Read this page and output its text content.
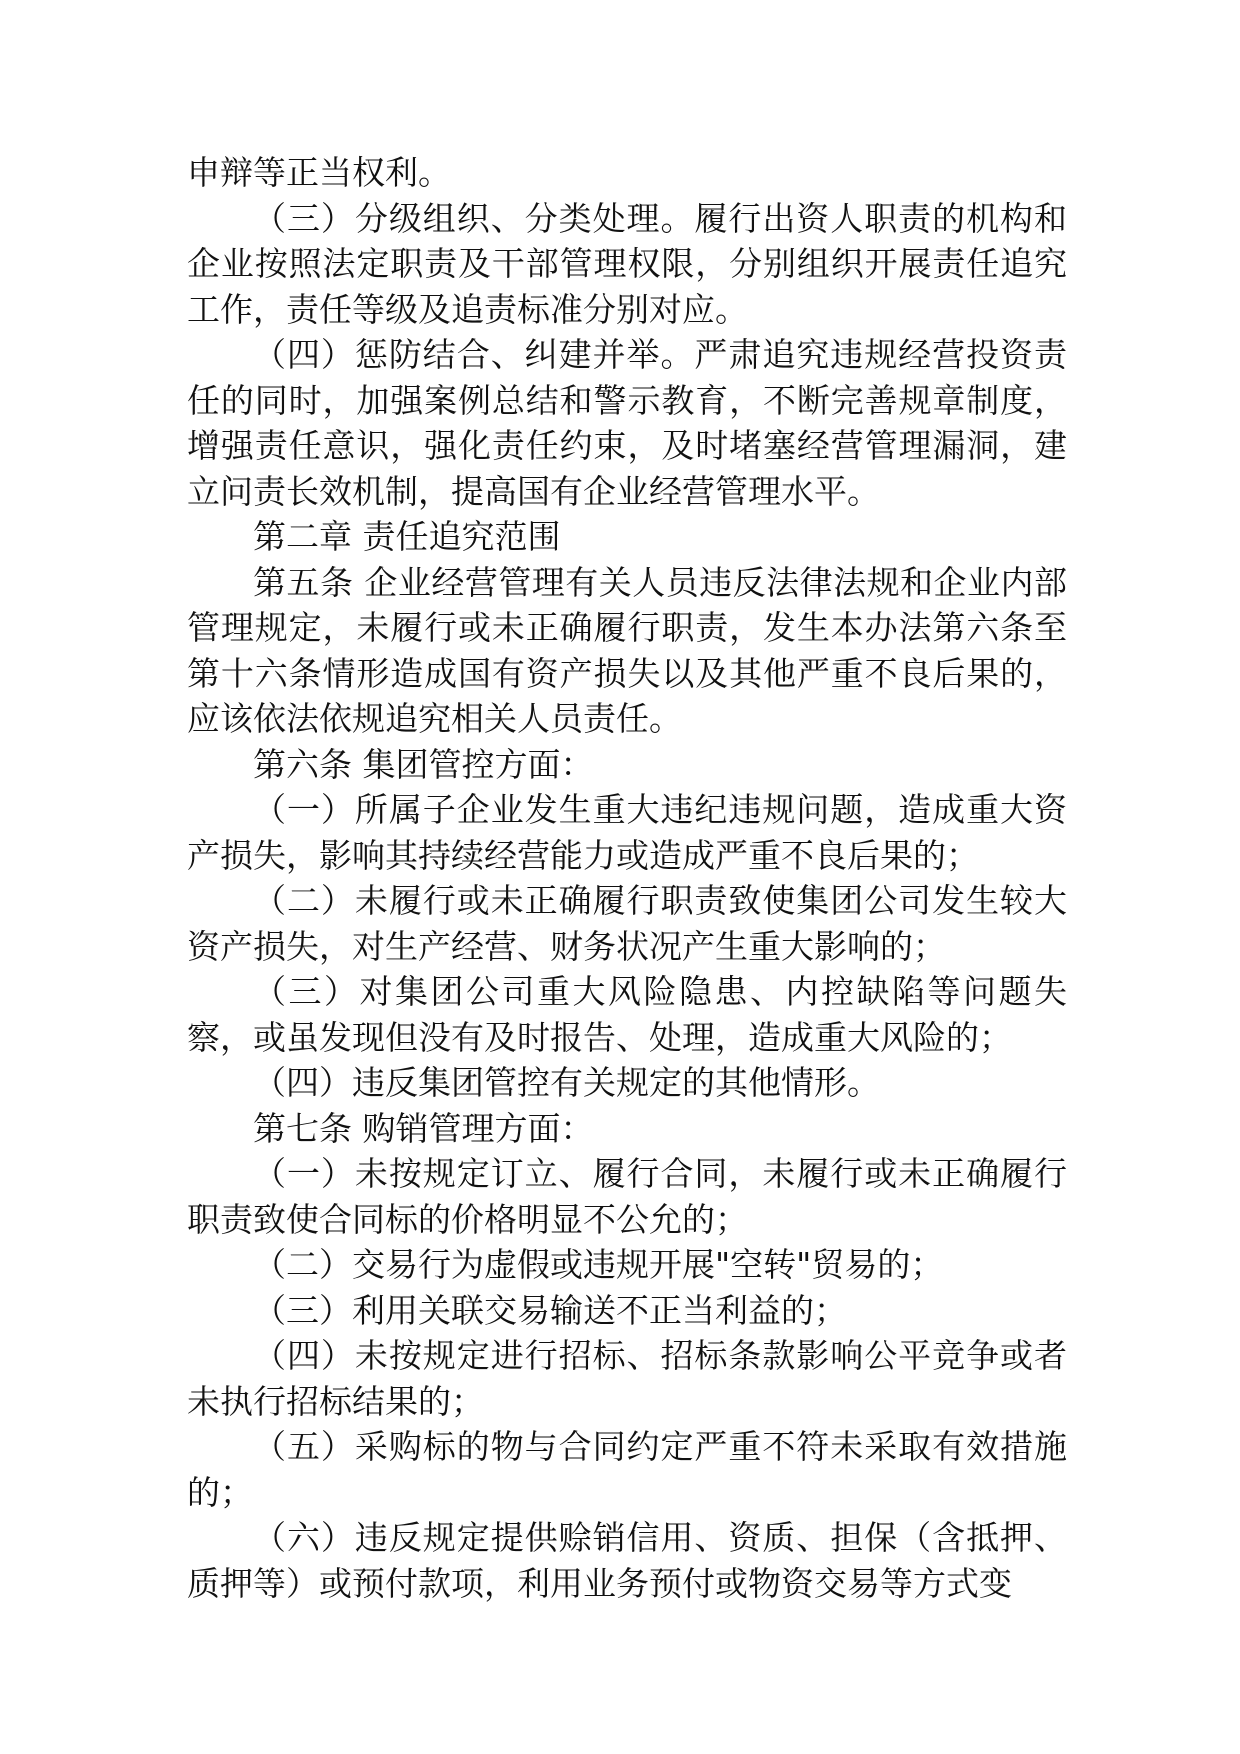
申辩等正当权利。

（三）分级组织、分类处理。履行出资人职责的机构和企业按照法定职责及干部管理权限，分别组织开展责任追究工作，责任等级及追责标准分别对应。

（四）惩防结合、纠建并举。严肃追究违规经营投资责任的同时，加强案例总结和警示教育，不断完善规章制度，增强责任意识，强化责任约束，及时堵塞经营管理漏洞，建立问责长效机制，提高国有企业经营管理水平。

第二章 责任追究范围

第五条 企业经营管理有关人员违反法律法规和企业内部管理规定，未履行或未正确履行职责，发生本办法第六条至第十六条情形造成国有资产损失以及其他严重不良后果的，应该依法依规追究相关人员责任。

第六条 集团管控方面：

（一）所属子企业发生重大违纪违规问题，造成重大资产损失，影响其持续经营能力或造成严重不良后果的；

（二）未履行或未正确履行职责致使集团公司发生较大资产损失，对生产经营、财务状况产生重大影响的；

（三）对集团公司重大风险隐患、内控缺陷等问题失察，或虽发现但没有及时报告、处理，造成重大风险的；

（四）违反集团管控有关规定的其他情形。

第七条 购销管理方面：

（一）未按规定订立、履行合同，未履行或未正确履行职责致使合同标的价格明显不公允的；

（二）交易行为虚假或违规开展"空转"贸易的；

（三）利用关联交易输送不正当利益的；

（四）未按规定进行招标、招标条款影响公平竞争或者未执行招标结果的；

（五）采购标的物与合同约定严重不符未采取有效措施的；

（六）违反规定提供赊销信用、资质、担保（含抵押、质押等）或预付款项，利用业务预付或物资交易等方式变
